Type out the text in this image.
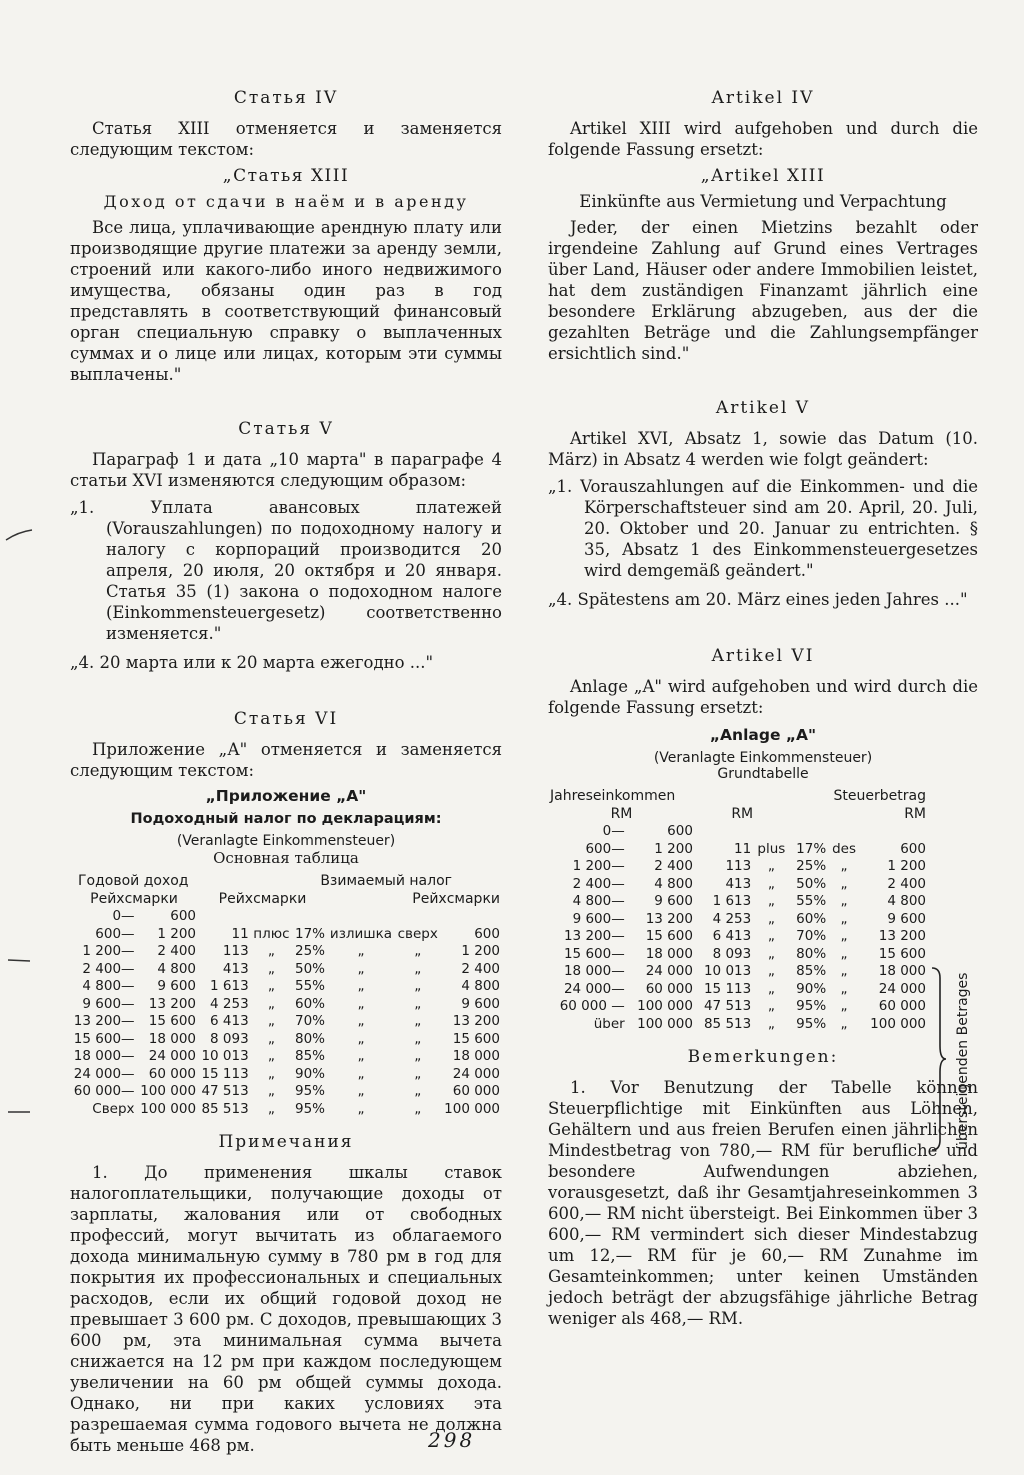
Статья IV

Статья XIII отменяется и заменяется следующим текстом:

„Статья XIII
Доход от сдачи в наём и в аренду

Все лица, уплачивающие арендную плату или производящие другие платежи за аренду земли, строений или какого-либо иного недвижимого имущества, обязаны один раз в год представлять в соответствующий финансовый орган специальную справку о выплаченных суммах и о лице или лицах, которым эти суммы выплачены."

Статья V

Параграф 1 и дата „10 марта" в параграфе 4 статьи XVI изменяются следующим образом:

„1. Уплата авансовых платежей (Vorauszahlungen) по подоходному налогу и налогу с корпораций производится 20 апреля, 20 июля, 20 октября и 20 января. Статья 35 (1) закона о подоходном налоге (Einkommensteuergesetz) соответственно изменяется."

„4. 20 марта или к 20 марта ежегодно ..."

Статья VI

Приложение „А" отменяется и заменяется следующим текстом:

„Приложение „А"
Подоходный налог по декларациям:
(Veranlagte Einkommensteuer)
Основная таблица
Годовой доход		Взимаемый налог					
Рейхсмарки		Рейхсмарки			Рейхсмарки		
0—	600						
600—	1 200	11	плюс	17%	излишка	сверх	600
1 200—	2 400	113	„	25%	„	„	1 200
2 400—	4 800	413	„	50%	„	„	2 400
4 800—	9 600	1 613	„	55%	„	„	4 800
9 600—	13 200	4 253	„	60%	„	„	9 600
13 200—	15 600	6 413	„	70%	„	„	13 200
15 600—	18 000	8 093	„	80%	„	„	15 600
18 000—	24 000	10 013	„	85%	„	„	18 000
24 000—	60 000	15 113	„	90%	„	„	24 000
60 000—	100 000	47 513	„	95%	„	„	60 000
Сверх	100 000	85 513	„	95%	„	„	100 000
Примечания

1. До применения шкалы ставок налогоплательщики, получающие доходы от зарплаты, жалования или от свободных профессий, могут вычитать из облагаемого дохода минимальную сумму в 780 рм в год для покрытия их профессиональных и специальных расходов, если их общий годовой доход не превышает 3 600 рм. С доходов, превышающих 3 600 рм, эта минимальная сумма вычета снижается на 12 рм при каждом последующем увеличении на 60 рм общей суммы дохода. Однако, ни при каких условиях эта разрешаемая сумма годового вычета не должна быть меньше 468 рм.

Artikel IV

Artikel XIII wird aufgehoben und durch die folgende Fassung ersetzt:

„Artikel XIII
Einkünfte aus Vermietung und Verpachtung

Jeder, der einen Mietzins bezahlt oder irgendeine Zahlung auf Grund eines Vertrages über Land, Häuser oder andere Immobilien leistet, hat dem zuständigen Finanzamt jährlich eine besondere Erklärung abzugeben, aus der die gezahlten Beträge und die Zahlungsempfänger ersichtlich sind."

Artikel V

Artikel XVI, Absatz 1, sowie das Datum (10. März) in Absatz 4 werden wie folgt geändert:

„1. Vorauszahlungen auf die Einkommen- und die Körperschaftsteuer sind am 20. April, 20. Juli, 20. Oktober und 20. Januar zu entrichten. § 35, Absatz 1 des Einkommensteuergesetzes wird demgemäß geändert."

„4. Spätestens am 20. März eines jeden Jahres ..."

Artikel VI

Anlage „A" wird aufgehoben und wird durch die folgende Fassung ersetzt:

„Anlage „A"
(Veranlagte Einkommensteuer)
Grundtabelle
Jahreseinkommen		Steuerbetrag				
RM		RM		RM		
0—	600					
600—	1 200	11	plus	17%	des	600
1 200—	2 400	113	„	25%	„	1 200
2 400—	4 800	413	„	50%	„	2 400
4 800—	9 600	1 613	„	55%	„	4 800
9 600—	13 200	4 253	„	60%	„	9 600
13 200—	15 600	6 413	„	70%	„	13 200
15 600—	18 000	8 093	„	80%	„	15 600
18 000—	24 000	10 013	„	85%	„	18 000
24 000—	60 000	15 113	„	90%	„	24 000
60 000 —	100 000	47 513	„	95%	„	60 000
über	100 000	85 513	„	95%	„	100 000
Bemerkungen:

1. Vor Benutzung der Tabelle können Steuerpflichtige mit Einkünften aus Löhnen, Gehältern und aus freien Berufen einen jährlichen Mindestbetrag von 780,— RM für berufliche und besondere Aufwendungen abziehen, vorausgesetzt, daß ihr Gesamtjahreseinkommen 3 600,— RM nicht übersteigt. Bei Einkommen über 3 600,— RM vermindert sich dieser Mindestabzug um 12,— RM für je 60,— RM Zunahme im Gesamteinkommen; unter keinen Umständen jedoch beträgt der abzugsfähige jährliche Betrag weniger als 468,— RM.

übersteigenden Betrages
298
